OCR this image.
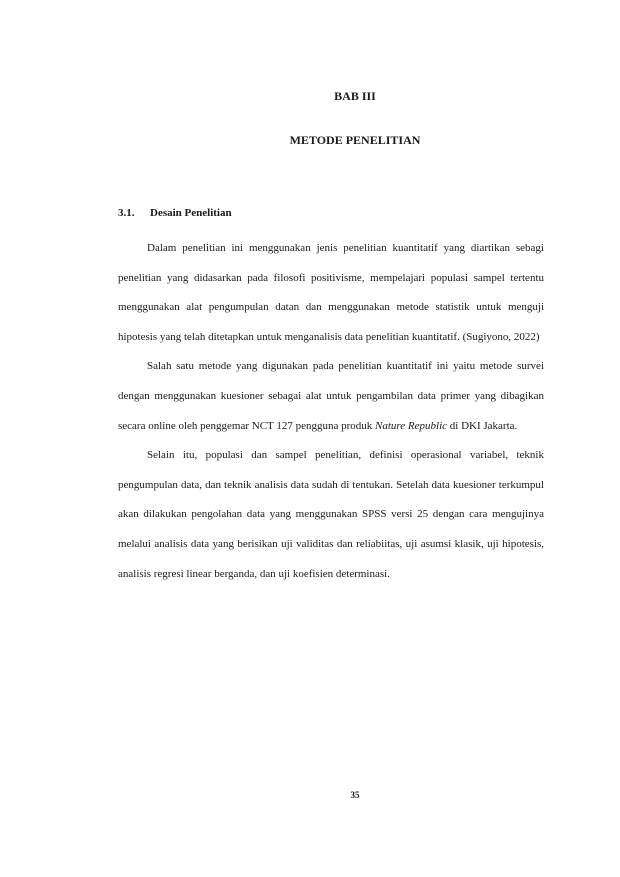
BAB III
METODE PENELITIAN
3.1. Desain Penelitian

Dalam penelitian ini menggunakan jenis penelitian kuantitatif yang diartikan sebagi penelitian yang didasarkan pada filosofi positivisme, mempelajari populasi sampel tertentu menggunakan alat pengumpulan datan dan menggunakan metode statistik untuk menguji hipotesis yang telah ditetapkan untuk menganalisis data penelitian kuantitatif. (Sugiyono, 2022)

Salah satu metode yang digunakan pada penelitian kuantitatif ini yaitu metode survei dengan menggunakan kuesioner sebagai alat untuk pengambilan data primer yang dibagikan secara online oleh penggemar NCT 127 pengguna produk Nature Republic di DKI Jakarta.

Selain itu, populasi dan sampel penelitian, definisi operasional variabel, teknik pengumpulan data, dan teknik analisis data sudah di tentukan. Setelah data kuesioner terkumpul akan dilakukan pengolahan data yang menggunakan SPSS versi 25 dengan cara mengujinya melalui analisis data yang berisikan uji validitas dan reliabiitas, uji asumsi klasik, uji hipotesis, analisis regresi linear berganda, dan uji koefisien determinasi.

35
